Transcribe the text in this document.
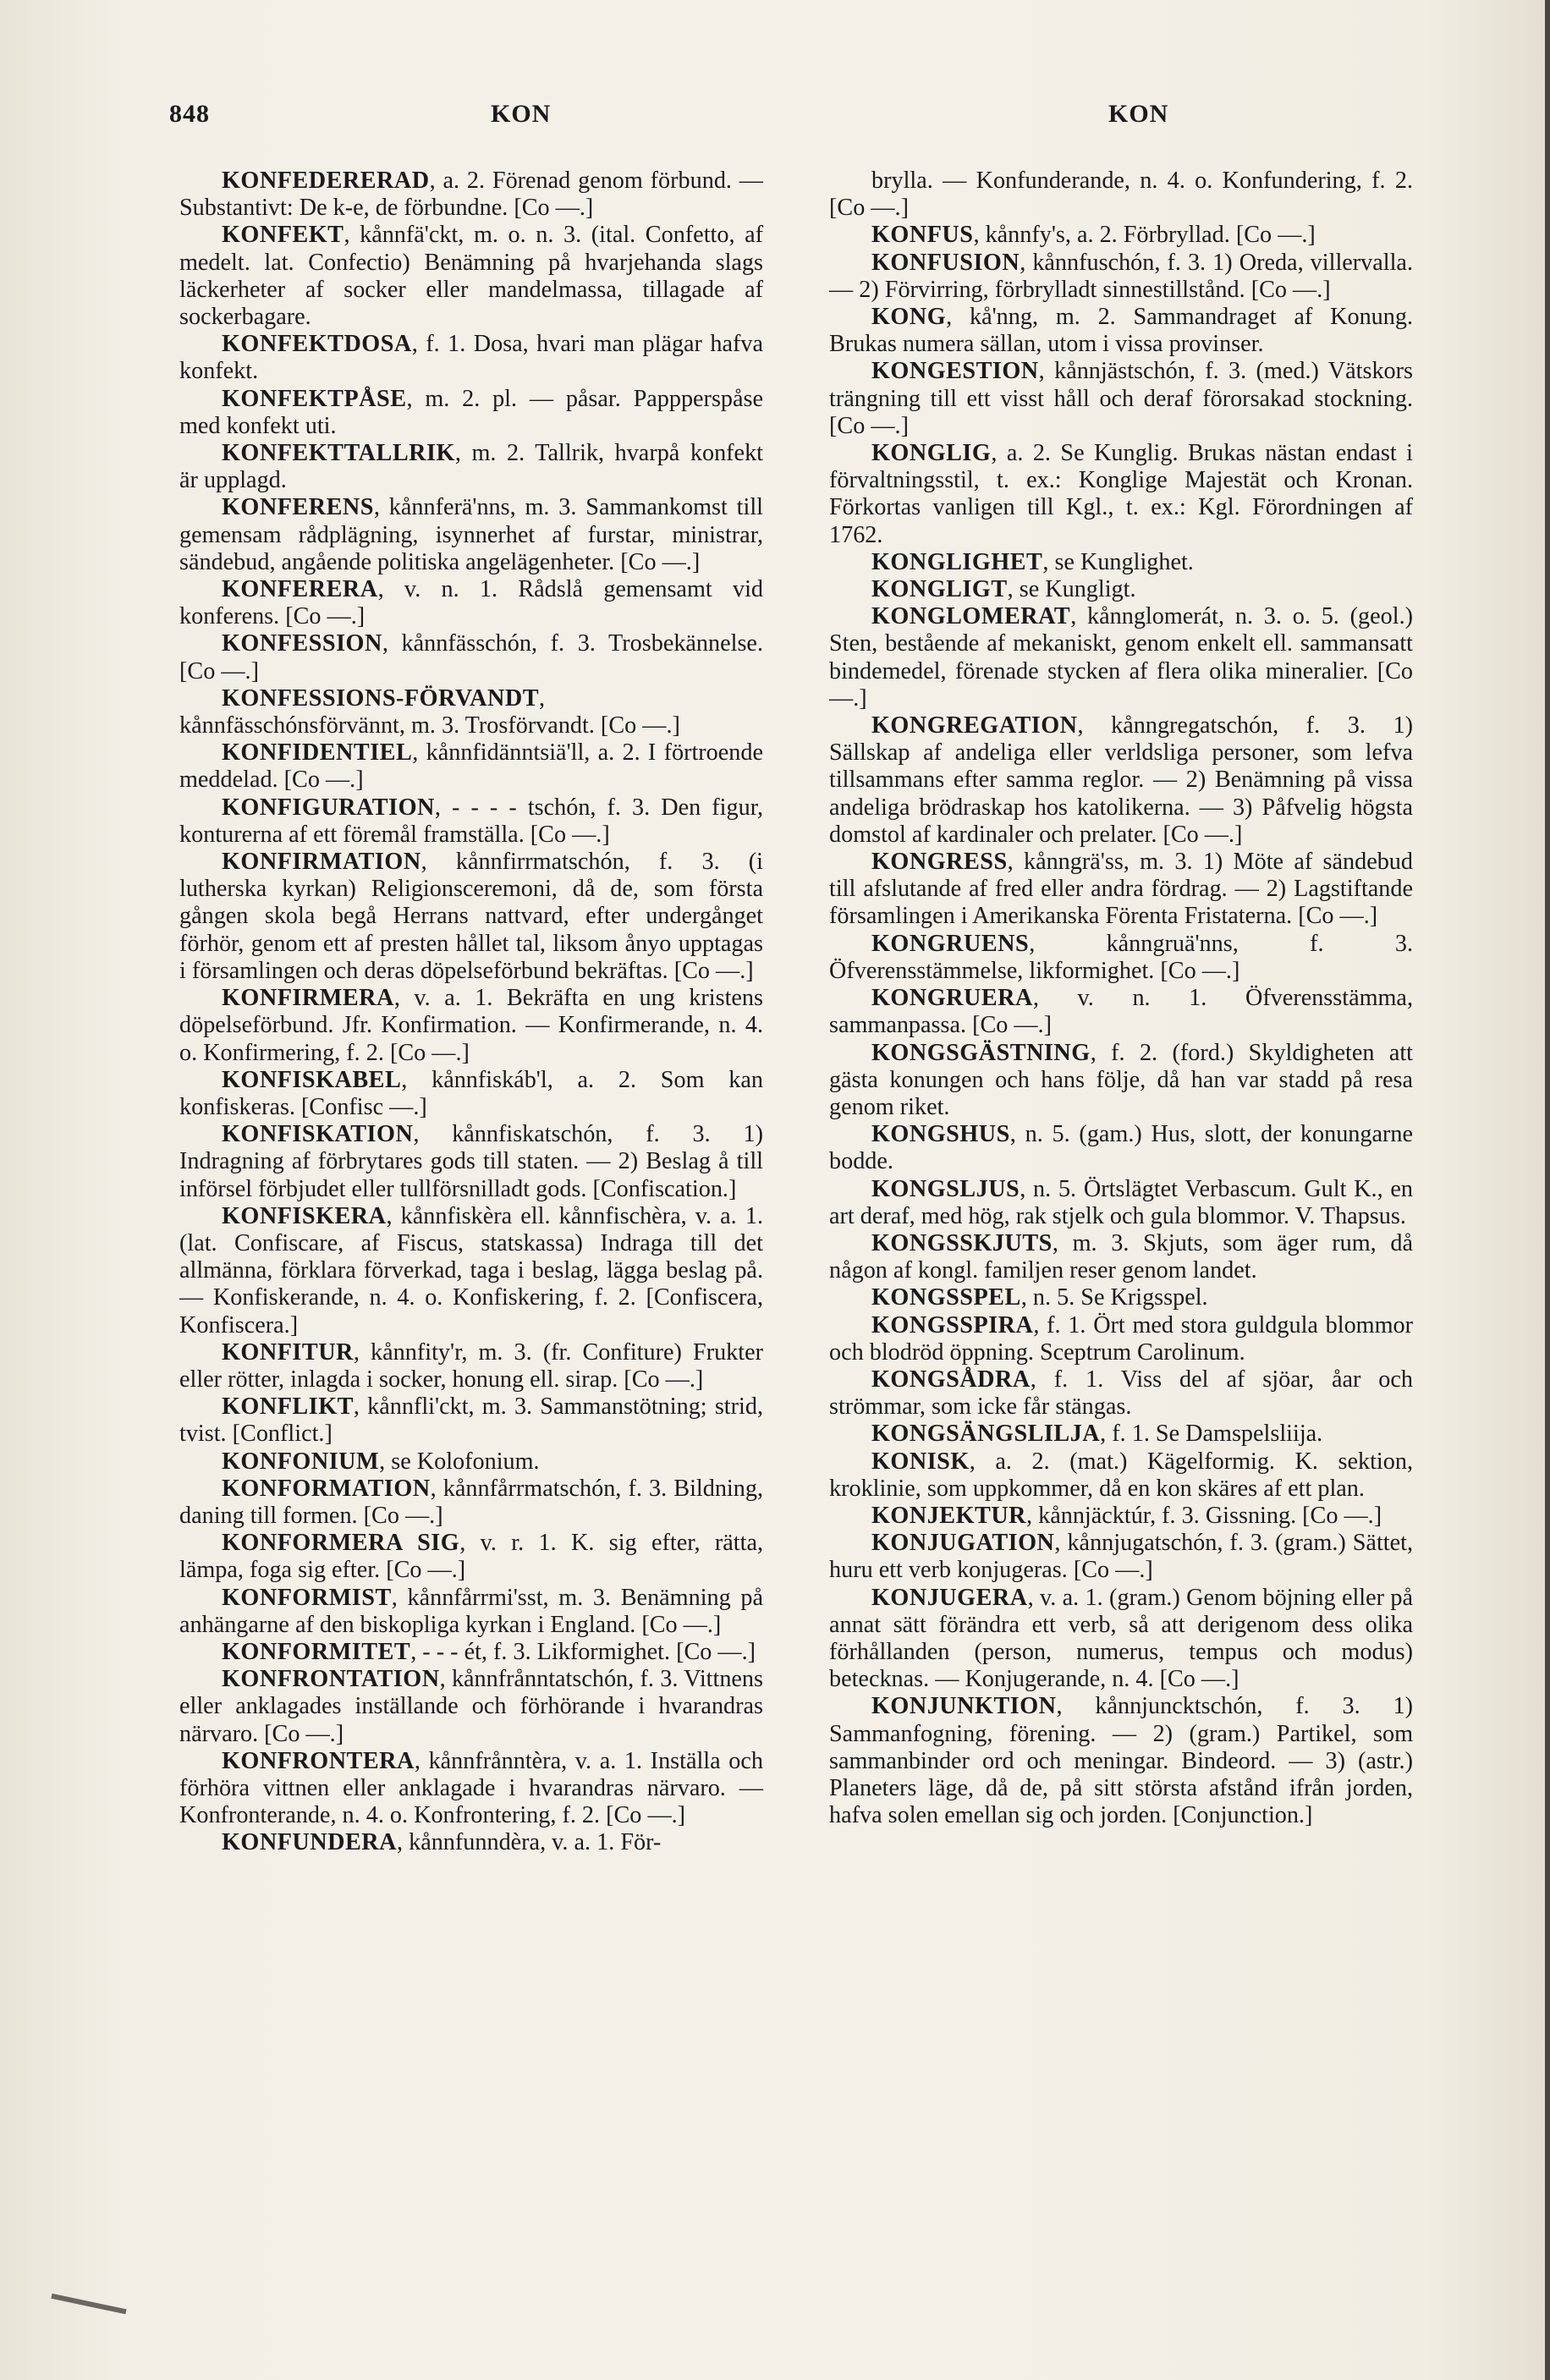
848	KON	KON

KONFEDERERAD, a. 2. Förenad genom förbund. — Substantivt: De k-e, de förbundne. [Co —.]

KONFEKT, kånnfä'ckt, m. o. n. 3. (ital. Confetto, af medelt. lat. Confectio) Benämning på hvarjehanda slags läckerheter af socker eller mandelmassa, tillagade af sockerbagare.

KONFEKTDOSA, f. 1. Dosa, hvari man plägar hafva konfekt.

KONFEKTPÅSE, m. 2. pl. — påsar. Pappperspåse med konfekt uti.

KONFEKTTALLRIK, m. 2. Tallrik, hvarpå konfekt är upplagd.

KONFERENS, kånnferä'nns, m. 3. Sammankomst till gemensam rådplägning, isynnerhet af furstar, ministrar, sändebud, angående politiska angelägenheter. [Co —.]

KONFERERA, v. n. 1. Rådslå gemensamt vid konferens. [Co —.]

KONFESSION, kånnfässchón, f. 3. Trosbekännelse. [Co —.]

KONFESSIONS-FÖRVANDT, kånnfässchónsförvännt, m. 3. Trosförvandt. [Co —.]

KONFIDENTIEL, kånnfidänntsiä'll, a. 2. I förtroende meddelad. [Co —.]

KONFIGURATION, - - - - tschón, f. 3. Den figur, konturerna af ett föremål framställa. [Co —.]

KONFIRMATION, kånnfirrmatschón, f. 3. (i lutherska kyrkan) Religionsceremoni, då de, som första gången skola begå Herrans nattvard, efter undergånget förhör, genom ett af presten hållet tal, liksom ånyo upptagas i församlingen och deras döpelseförbund bekräftas. [Co —.]

KONFIRMERA, v. a. 1. Bekräfta en ung kristens döpelseförbund. Jfr. Konfirmation. — Konfirmerande, n. 4. o. Konfirmering, f. 2. [Co —.]

KONFISKABEL, kånnfiskáb'l, a. 2. Som kan konfiskeras. [Confisc —.]

KONFISKATION, kånnfiskatschón, f. 3. 1) Indragning af förbrytares gods till staten. — 2) Beslag å till införsel förbjudet eller tullförsnilladt gods. [Confiscation.]

KONFISKERA, kånnfiskèra ell. kånnfischèra, v. a. 1. (lat. Confiscare, af Fiscus, statskassa) Indraga till det allmänna, förklara förverkad, taga i beslag, lägga beslag på. — Konfiskerande, n. 4. o. Konfiskering, f. 2. [Confiscera, Konfiscera.]

KONFITUR, kånnfity'r, m. 3. (fr. Confiture) Frukter eller rötter, inlagda i socker, honung ell. sirap. [Co —.]

KONFLIKT, kånnfli'ckt, m. 3. Sammanstötning; strid, tvist. [Conflict.]

KONFONIUM, se Kolofonium.

KONFORMATION, kånnfårrmatschón, f. 3. Bildning, daning till formen. [Co —.]

KONFORMERA SIG, v. r. 1. K. sig efter, rätta, lämpa, foga sig efter. [Co —.]

KONFORMIST, kånnfårrmi'sst, m. 3. Benämning på anhängarne af den biskopliga kyrkan i England. [Co —.]

KONFORMITET, - - - ét, f. 3. Likformighet. [Co —.]

KONFRONTATION, kånnfrånntatschón, f. 3. Vittnens eller anklagades inställande och förhörande i hvarandras närvaro. [Co —.]

KONFRONTERA, kånnfrånntèra, v. a. 1. Inställa och förhöra vittnen eller anklagade i hvarandras närvaro. — Konfronterande, n. 4. o. Konfrontering, f. 2. [Co —.]

KONFUNDERA, kånnfunndèra, v. a. 1. För-

brylla. — Konfunderande, n. 4. o. Konfundering, f. 2. [Co —.]

KONFUS, kånnfy's, a. 2. Förbryllad. [Co —.]

KONFUSION, kånnfuschón, f. 3. 1) Oreda, villervalla. — 2) Förvirring, förbrylladt sinnestillstånd. [Co —.]

KONG, kå'nng, m. 2. Sammandraget af Konung. Brukas numera sällan, utom i vissa provinser.

KONGESTION, kånnjästschón, f. 3. (med.) Vätskors trängning till ett visst håll och deraf förorsakad stockning. [Co —.]

KONGLIG, a. 2. Se Kunglig. Brukas nästan endast i förvaltningsstil, t. ex.: Konglige Majestät och Kronan. Förkortas vanligen till Kgl., t. ex.: Kgl. Förordningen af 1762.

KONGLIGHET, se Kunglighet.

KONGLIGT, se Kungligt.

KONGLOMERAT, kånnglomerát, n. 3. o. 5. (geol.) Sten, bestående af mekaniskt, genom enkelt ell. sammansatt bindemedel, förenade stycken af flera olika mineralier. [Co —.]

KONGREGATION, kånngregatschón, f. 3. 1) Sällskap af andeliga eller verldsliga personer, som lefva tillsammans efter samma reglor. — 2) Benämning på vissa andeliga brödraskap hos katolikerna. — 3) Påfvelig högsta domstol af kardinaler och prelater. [Co —.]

KONGRESS, kånngrä'ss, m. 3. 1) Möte af sändebud till afslutande af fred eller andra fördrag. — 2) Lagstiftande församlingen i Amerikanska Förenta Fristaterna. [Co —.]

KONGRUENS, kånngruä'nns, f. 3. Öfverensstämmelse, likformighet. [Co —.]

KONGRUERA, v. n. 1. Öfverensstämma, sammanpassa. [Co —.]

KONGSGÄSTNING, f. 2. (ford.) Skyldigheten att gästa konungen och hans följe, då han var stadd på resa genom riket.

KONGSHUS, n. 5. (gam.) Hus, slott, der konungarne bodde.

KONGSLJUS, n. 5. Örtslägtet Verbascum. Gult K., en art deraf, med hög, rak stjelk och gula blommor. V. Thapsus.

KONGSSKJUTS, m. 3. Skjuts, som äger rum, då någon af kongl. familjen reser genom landet.

KONGSSPEL, n. 5. Se Krigsspel.

KONGSSPIRA, f. 1. Ört med stora guldgula blommor och blodröd öppning. Sceptrum Carolinum.

KONGSÅDRA, f. 1. Viss del af sjöar, åar och strömmar, som icke får stängas.

KONGSÄNGSLILJA, f. 1. Se Damspelsliija.

KONISK, a. 2. (mat.) Kägelformig. K. sektion, kroklinie, som uppkommer, då en kon skäres af ett plan.

KONJEKTUR, kånnjäcktúr, f. 3. Gissning. [Co —.]

KONJUGATION, kånnjugatschón, f. 3. (gram.) Sättet, huru ett verb konjugeras. [Co —.]

KONJUGERA, v. a. 1. (gram.) Genom böjning eller på annat sätt förändra ett verb, så att derigenom dess olika förhållanden (person, numerus, tempus och modus) betecknas. — Konjugerande, n. 4. [Co —.]

KONJUNKTION, kånnjuncktschón, f. 3. 1) Sammanfogning, förening. — 2) (gram.) Partikel, som sammanbinder ord och meningar. Bindeord. — 3) (astr.) Planeters läge, då de, på sitt största afstånd ifrån jorden, hafva solen emellan sig och jorden. [Conjunction.]
